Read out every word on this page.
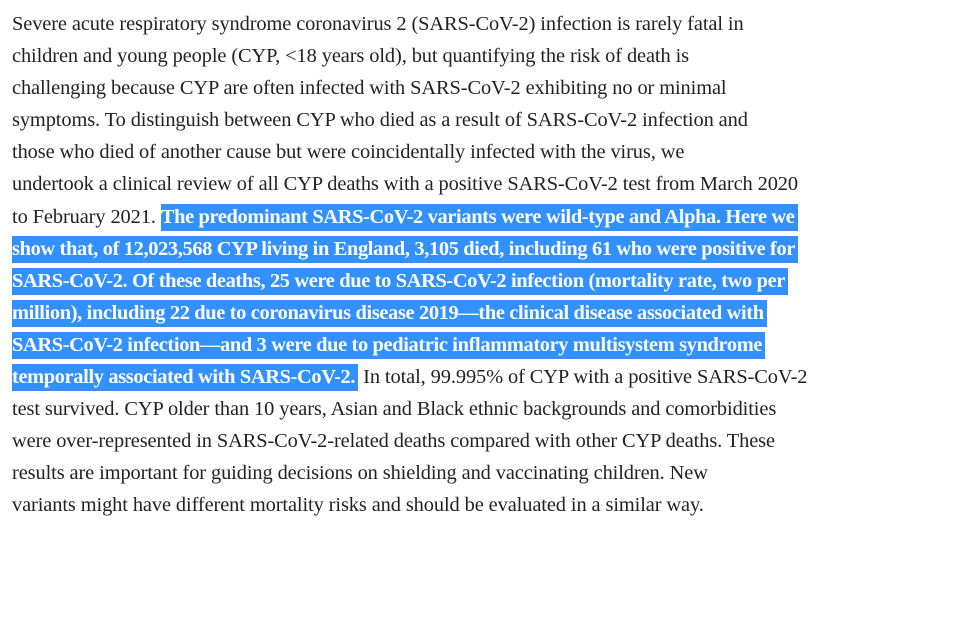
Severe acute respiratory syndrome coronavirus 2 (SARS-CoV-2) infection is rarely fatal in
children and young people (CYP, <18 years old), but quantifying the risk of death is
challenging because CYP are often infected with SARS-CoV-2 exhibiting no or minimal
symptoms. To distinguish between CYP who died as a result of SARS-CoV-2 infection and
those who died of another cause but were coincidentally infected with the virus, we
undertook a clinical review of all CYP deaths with a positive SARS-CoV-2 test from March 2020
to February 2021. The predominant SARS-CoV-2 variants were wild-type and Alpha. Here we
show that, of 12,023,568 CYP living in England, 3,105 died, including 61 who were positive for
SARS-CoV-2. Of these deaths, 25 were due to SARS-CoV-2 infection (mortality rate, two per
million), including 22 due to coronavirus disease 2019—the clinical disease associated with
SARS-CoV-2 infection—and 3 were due to pediatric inflammatory multisystem syndrome
temporally associated with SARS-CoV-2. In total, 99.995% of CYP with a positive SARS-CoV-2
test survived. CYP older than 10 years, Asian and Black ethnic backgrounds and comorbidities
were over-represented in SARS-CoV-2-related deaths compared with other CYP deaths. These
results are important for guiding decisions on shielding and vaccinating children. New
variants might have different mortality risks and should be evaluated in a similar way.
